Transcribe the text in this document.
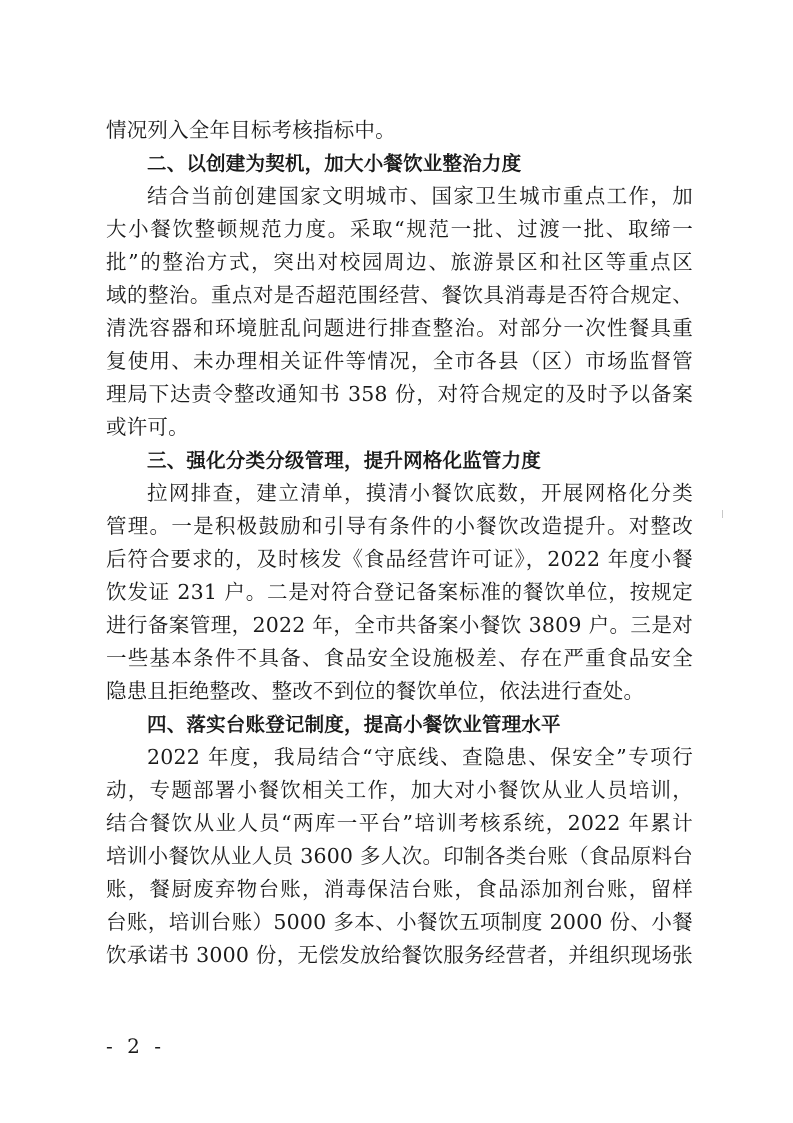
情况列入全年目标考核指标中。
二、以创建为契机，加大小餐饮业整治力度
结合当前创建国家文明城市、国家卫生城市重点工作，加
大小餐饮整顿规范力度。采取“规范一批、过渡一批、取缔一
批”的整治方式，突出对校园周边、旅游景区和社区等重点区
域的整治。重点对是否超范围经营、餐饮具消毒是否符合规定、
清洗容器和环境脏乱问题进行排查整治。对部分一次性餐具重
复使用、未办理相关证件等情况，全市各县（区）市场监督管
理局下达责令整改通知书 358 份，对符合规定的及时予以备案
或许可。
三、强化分类分级管理，提升网格化监管力度
拉网排查，建立清单，摸清小餐饮底数，开展网格化分类
管理。一是积极鼓励和引导有条件的小餐饮改造提升。对整改
后符合要求的，及时核发《食品经营许可证》，2022 年度小餐
饮发证 231 户。二是对符合登记备案标准的餐饮单位，按规定
进行备案管理，2022 年，全市共备案小餐饮 3809 户。三是对
一些基本条件不具备、食品安全设施极差、存在严重食品安全
隐患且拒绝整改、整改不到位的餐饮单位，依法进行查处。
四、落实台账登记制度，提高小餐饮业管理水平
2022 年度，我局结合“守底线、查隐患、保安全”专项行
动，专题部署小餐饮相关工作，加大对小餐饮从业人员培训，
结合餐饮从业人员“两库一平台”培训考核系统，2022 年累计
培训小餐饮从业人员 3600 多人次。印制各类台账（食品原料台
账，餐厨废弃物台账，消毒保洁台账，食品添加剂台账，留样
台账，培训台账）5000 多本、小餐饮五项制度 2000 份、小餐
饮承诺书 3000 份，无偿发放给餐饮服务经营者，并组织现场张
- 2 -
